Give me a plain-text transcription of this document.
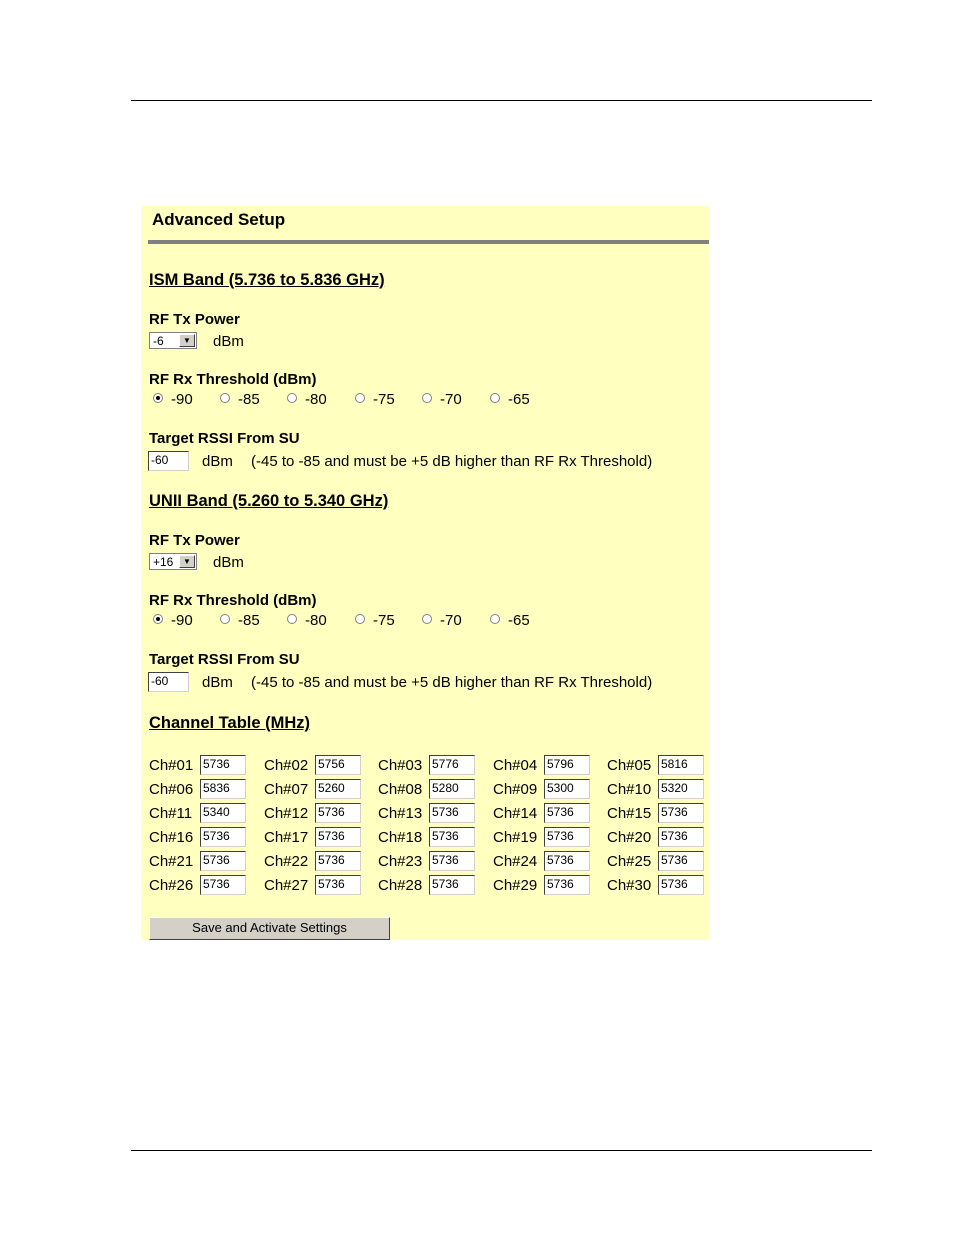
Advanced Setup
ISM Band (5.736 to 5.836 GHz)
RF Tx Power
-6	▼ dBm
RF Rx Threshold (dBm)
-90	-85	-80	-75	-70	-65
Target RSSI From SU
-60	dBm (-45 to -85 and must be +5 dB higher than RF Rx Threshold)
UNII Band (5.260 to 5.340 GHz)
RF Tx Power
+16	▼ dBm
RF Rx Threshold (dBm)
-90	-85	-80	-75	-70	-65
Target RSSI From SU
-60	dBm (-45 to -85 and must be +5 dB higher than RF Rx Threshold)
Channel Table (MHz)
Ch#01 5736	Ch#02 5756	Ch#03 5776	Ch#04 5796	Ch#05 5816
Ch#06 5836	Ch#07 5260	Ch#08 5280	Ch#09 5300	Ch#10 5320
Ch#11 5340	Ch#12 5736	Ch#13 5736	Ch#14 5736	Ch#15 5736
Ch#16 5736	Ch#17 5736	Ch#18 5736	Ch#19 5736	Ch#20 5736
Ch#21 5736	Ch#22 5736	Ch#23 5736	Ch#24 5736	Ch#25 5736
Ch#26 5736	Ch#27 5736	Ch#28 5736	Ch#29 5736	Ch#30 5736
Save and Activate Settings
